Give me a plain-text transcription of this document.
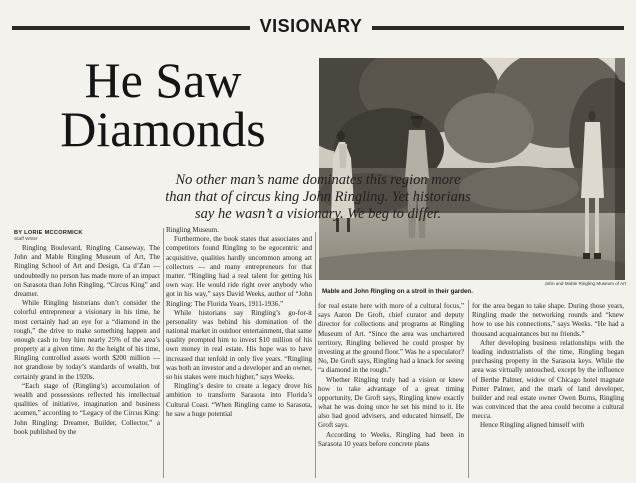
VISIONARY
He Saw
Diamonds
John and Mable Ringling Museum of Art
Mable and John Ringling on a stroll in their garden.
No other man’s name dominates this region more
than that of circus king John Ringling. Yet historians
say he wasn’t a visionary. We beg to differ.
BY LORIE MCCORMICK
Staff Writer

Ringling Boulevard, Ringling Causeway, The John and Mable Ringling Museum of Art, The Ringling School of Art and Design, Ca d’Zan — undoubtedly no person has made more of an impact on Sarasota than John Ringling, “Circus King” and dreamer.

While Ringling historians don’t consider the colorful entrepreneur a visionary in his time, he most certainly had an eye for a “diamond in the rough,” the drive to make something happen and enough cash to buy him nearly 25% of the area’s property at a given time. At the height of his time, Ringling controlled assets worth $200 million — not grandiose by today’s standards of wealth, but certainly grand in the 1920s.

“Each stage of (Ringling’s) accumulation of wealth and possessions reflected his intellectual qualities of initiative, imagination and business acumen,” according to “Legacy of the Circus King: John Ringling: Dreamer, Builder, Collector,” a book published by the

Ringling Museum.

Furthermore, the book states that associates and competitors found Ringling to be egocentric and acquisitive, qualities hardly uncommon among art collectors — and many entrepreneurs for that matter. “Ringling had a real talent for getting his own way. He would ride right over anybody who got in his way,” says David Weeks, author of “John Ringling: The Florida Years, 1911-1936.”

While historians say Ringling’s go-for-it personality was behind his domination of the national market in outdoor entertainment, that same quality prompted him to invest $10 million of his own money in real estate. His hope was to have increased that tenfold in only five years. “Ringling was both an investor and a developer and an owner, so his stakes were much higher,” says Weeks.

Ringling’s desire to create a legacy drove his ambition to transform Sarasota into Florida’s Cultural Coast. “When Ringling came to Sarasota, he saw a huge potential

for real estate here with more of a cultural focus,” says Aaron De Groft, chief curator and deputy director for collections and programs at Ringling Museum of Art. “Since the area was unchartered territory, Ringling believed he could prosper by investing at the ground floor.” Was he a speculator? No, De Groft says, Ringling had a knack for seeing “a diamond in the rough.”

Whether Ringling truly had a vision or knew how to take advantage of a great timing opportunity, De Groft says, Ringling knew exactly what he was doing once he set his mind to it. He also had good advisers, and educated himself, De Groft says.

According to Weeks, Ringling had been in Sarasota 10 years before concrete plans

for the area began to take shape. During those years, Ringling made the networking rounds and “knew how to use his connections,” says Weeks. “He had a thousand acquaintances but no friends.”

After developing business relationships with the leading industrialists of the time, Ringling began purchasing property in the Sarasota keys. While the area was virtually untouched, except by the influence of Berthe Palmer, widow of Chicago hotel magnate Potter Palmer, and the mark of land developer, builder and real estate owner Owen Burns, Ringling was convinced that the area could become a cultural mecca.

Hence Ringling aligned himself with
